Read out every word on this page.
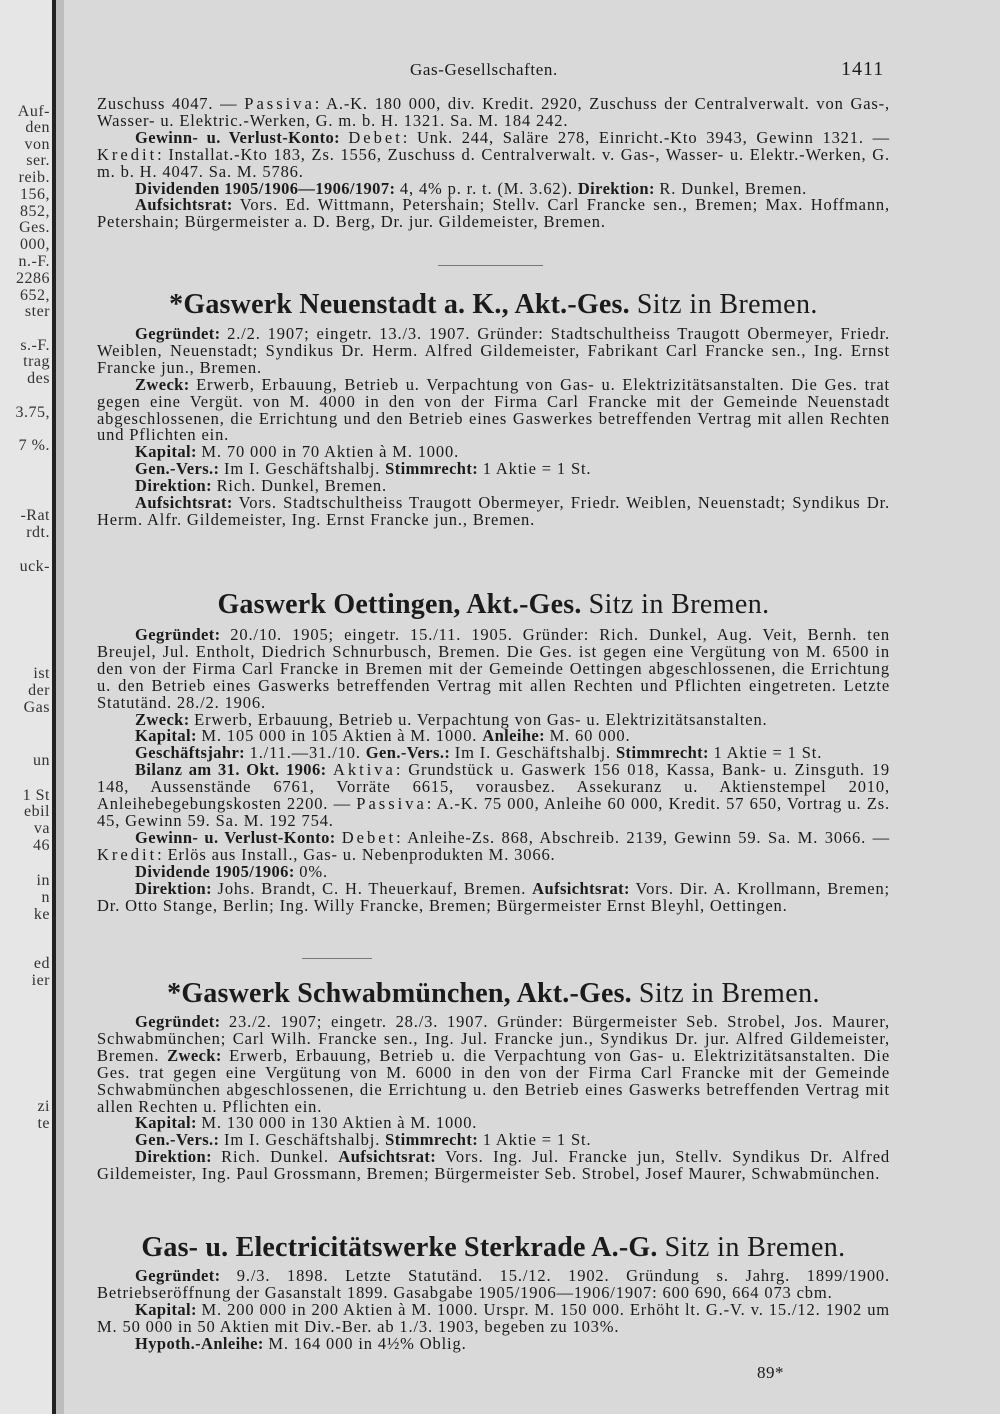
Auf-
den
von
ser.
reib.
156,
852,
Ges.
000,
n.-F.
2286
652,
ster
s.-F.
trag
des
3.75,
7 %.
-Rat
rdt.
uck-
ist
der
Gas
un
1 St
ebil
va
46
in
n
ke
ed
ier
zi
te
Gas-Gesellschaften.	1411

Zuschuss 4047. — Passiva: A.-K. 180 000, div. Kredit. 2920, Zuschuss der Centralverwalt. von Gas-, Wasser- u. Elektric.-Werken, G. m. b. H. 1321. Sa. M. 184 242.

Gewinn- u. Verlust-Konto: Debet: Unk. 244, Saläre 278, Einricht.-Kto 3943, Gewinn 1321. — Kredit: Installat.-Kto 183, Zs. 1556, Zuschuss d. Centralverwalt. v. Gas-, Wasser- u. Elektr.-Werken, G. m. b. H. 4047. Sa. M. 5786.

Dividenden 1905/1906—1906/1907: 4, 4% p. r. t. (M. 3.62). Direktion: R. Dunkel, Bremen.

Aufsichtsrat: Vors. Ed. Wittmann, Petershain; Stellv. Carl Francke sen., Bremen; Max. Hoffmann, Petershain; Bürgermeister a. D. Berg, Dr. jur. Gildemeister, Bremen.

*Gaswerk Neuenstadt a. K., Akt.-Ges. Sitz in Bremen.

Gegründet: 2./2. 1907; eingetr. 13./3. 1907. Gründer: Stadtschultheiss Traugott Obermeyer, Friedr. Weiblen, Neuenstadt; Syndikus Dr. Herm. Alfred Gildemeister, Fabrikant Carl Francke sen., Ing. Ernst Francke jun., Bremen.

Zweck: Erwerb, Erbauung, Betrieb u. Verpachtung von Gas- u. Elektrizitätsanstalten. Die Ges. trat gegen eine Vergüt. von M. 4000 in den von der Firma Carl Francke mit der Gemeinde Neuenstadt abgeschlossenen, die Errichtung und den Betrieb eines Gaswerkes betreffenden Vertrag mit allen Rechten und Pflichten ein.

Kapital: M. 70 000 in 70 Aktien à M. 1000.

Gen.-Vers.: Im I. Geschäftshalbj. Stimmrecht: 1 Aktie = 1 St.

Direktion: Rich. Dunkel, Bremen.

Aufsichtsrat: Vors. Stadtschultheiss Traugott Obermeyer, Friedr. Weiblen, Neuenstadt; Syndikus Dr. Herm. Alfr. Gildemeister, Ing. Ernst Francke jun., Bremen.

Gaswerk Oettingen, Akt.-Ges. Sitz in Bremen.

Gegründet: 20./10. 1905; eingetr. 15./11. 1905. Gründer: Rich. Dunkel, Aug. Veit, Bernh. ten Breujel, Jul. Entholt, Diedrich Schnurbusch, Bremen. Die Ges. ist gegen eine Vergütung von M. 6500 in den von der Firma Carl Francke in Bremen mit der Gemeinde Oettingen abgeschlossenen, die Errichtung u. den Betrieb eines Gaswerks betreffenden Vertrag mit allen Rechten und Pflichten eingetreten. Letzte Statutänd. 28./2. 1906.

Zweck: Erwerb, Erbauung, Betrieb u. Verpachtung von Gas- u. Elektrizitätsanstalten.

Kapital: M. 105 000 in 105 Aktien à M. 1000. Anleihe: M. 60 000.

Geschäftsjahr: 1./11.—31./10. Gen.-Vers.: Im I. Geschäftshalbj. Stimmrecht: 1 Aktie = 1 St.

Bilanz am 31. Okt. 1906: Aktiva: Grundstück u. Gaswerk 156 018, Kassa, Bank- u. Zinsguth. 19 148, Aussenstände 6761, Vorräte 6615, vorausbez. Assekuranz u. Aktienstempel 2010, Anleihebegebungskosten 2200. — Passiva: A.-K. 75 000, Anleihe 60 000, Kredit. 57 650, Vortrag u. Zs. 45, Gewinn 59. Sa. M. 192 754.

Gewinn- u. Verlust-Konto: Debet: Anleihe-Zs. 868, Abschreib. 2139, Gewinn 59. Sa. M. 3066. — Kredit: Erlös aus Install., Gas- u. Nebenprodukten M. 3066.

Dividende 1905/1906: 0%.

Direktion: Johs. Brandt, C. H. Theuerkauf, Bremen. Aufsichtsrat: Vors. Dir. A. Krollmann, Bremen; Dr. Otto Stange, Berlin; Ing. Willy Francke, Bremen; Bürgermeister Ernst Bleyhl, Oettingen.

*Gaswerk Schwabmünchen, Akt.-Ges. Sitz in Bremen.

Gegründet: 23./2. 1907; eingetr. 28./3. 1907. Gründer: Bürgermeister Seb. Strobel, Jos. Maurer, Schwabmünchen; Carl Wilh. Francke sen., Ing. Jul. Francke jun., Syndikus Dr. jur. Alfred Gildemeister, Bremen. Zweck: Erwerb, Erbauung, Betrieb u. die Verpachtung von Gas- u. Elektrizitätsanstalten. Die Ges. trat gegen eine Vergütung von M. 6000 in den von der Firma Carl Francke mit der Gemeinde Schwabmünchen abgeschlossenen, die Errichtung u. den Betrieb eines Gaswerks betreffenden Vertrag mit allen Rechten u. Pflichten ein.

Kapital: M. 130 000 in 130 Aktien à M. 1000.

Gen.-Vers.: Im I. Geschäftshalbj. Stimmrecht: 1 Aktie = 1 St.

Direktion: Rich. Dunkel. Aufsichtsrat: Vors. Ing. Jul. Francke jun, Stellv. Syndikus Dr. Alfred Gildemeister, Ing. Paul Grossmann, Bremen; Bürgermeister Seb. Strobel, Josef Maurer, Schwabmünchen.

Gas- u. Electricitätswerke Sterkrade A.-G. Sitz in Bremen.

Gegründet: 9./3. 1898. Letzte Statutänd. 15./12. 1902. Gründung s. Jahrg. 1899/1900. Betriebseröffnung der Gasanstalt 1899. Gasabgabe 1905/1906—1906/1907: 600 690, 664 073 cbm.

Kapital: M. 200 000 in 200 Aktien à M. 1000. Urspr. M. 150 000. Erhöht lt. G.-V. v. 15./12. 1902 um M. 50 000 in 50 Aktien mit Div.-Ber. ab 1./3. 1903, begeben zu 103%.

Hypoth.-Anleihe: M. 164 000 in 4½% Oblig.

89*
